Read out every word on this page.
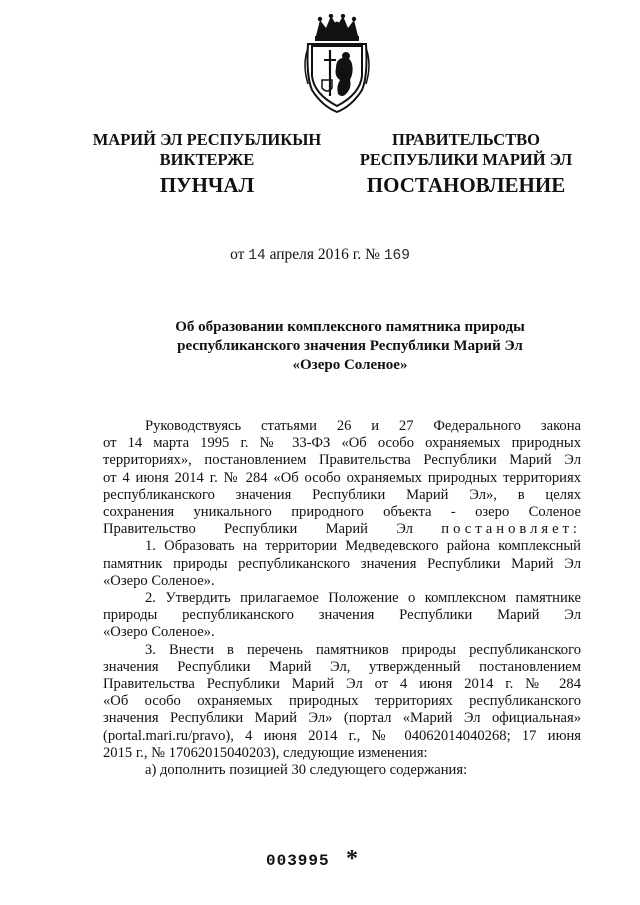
МАРИЙ ЭЛ РЕСПУБЛИКЫН
ВИКТЕРЖЕ
ПУНЧАЛ
ПРАВИТЕЛЬСТВО
РЕСПУБЛИКИ МАРИЙ ЭЛ
ПОСТАНОВЛЕНИЕ
от 14 апреля 2016 г. № 169
Об образовании комплексного памятника природы
республиканского значения Республики Марий Эл
«Озеро Соленое»

Руководствуясь статьями 26 и 27 Федерального закона

от 14 марта 1995 г. № 33-ФЗ «Об особо охраняемых природных

территориях», постановлением Правительства Республики Марий Эл

от 4 июня 2014 г. № 284 «Об особо охраняемых природных территориях

республиканского значения Республики Марий Эл», в целях

сохранения уникального природного объекта - озеро Соленое

Правительство Республики Марий Эл постановляет:

1. Образовать на территории Медведевского района комплексный

памятник природы республиканского значения Республики Марий Эл

«Озеро Соленое».

2. Утвердить прилагаемое Положение о комплексном памятнике

природы республиканского значения Республики Марий Эл

«Озеро Соленое».

3. Внести в перечень памятников природы республиканского

значения Республики Марий Эл, утвержденный постановлением

Правительства Республики Марий Эл от 4 июня 2014 г. № 284

«Об особо охраняемых природных территориях республиканского

значения Республики Марий Эл» (портал «Марий Эл официальная»

(portal.mari.ru/pravo), 4 июня 2014 г., № 04062014040268; 17 июня

2015 г., № 17062015040203), следующие изменения:

а) дополнить позицией 30 следующего содержания:

003995 *
